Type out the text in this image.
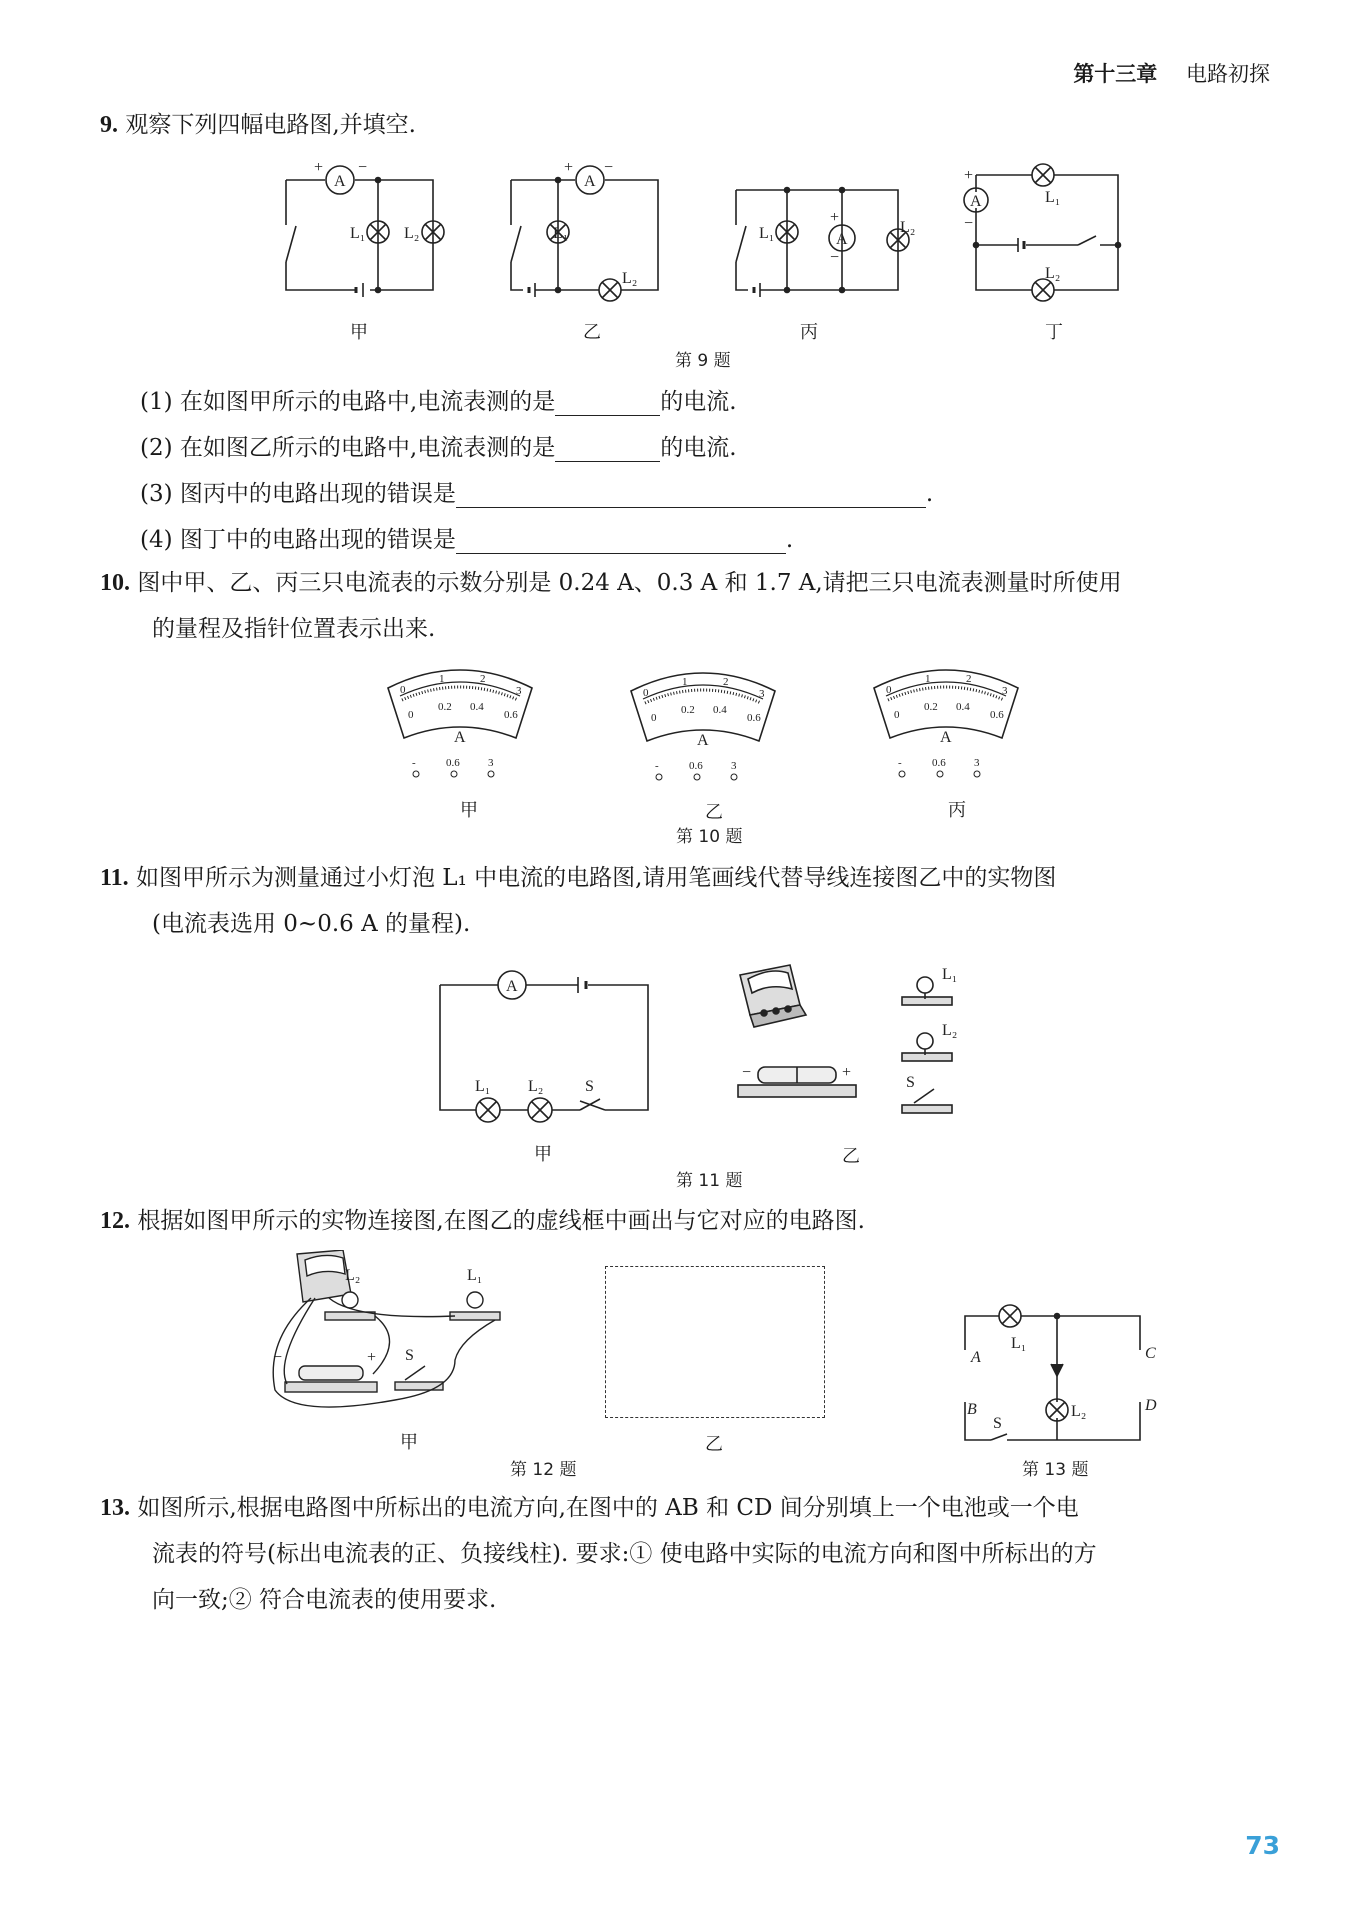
第十三章 电路初探
9. 观察下列四幅电路图,并填空.
A
+ −
L₁ L₂
A
+ −
L₁
L₂
A
+
−
L₁	L₂
A
+
−
L₁
L₂
甲	乙	丙	丁
第 9 题
(1) 在如图甲所示的电路中,电流表测的是	的电流.
(2) 在如图乙所示的电路中,电流表测的是	的电流.
(3) 图丙中的电路出现的错误是	.
(4) 图丁中的电路出现的错误是	.
10. 图中甲、乙、丙三只电流表的示数分别是 0.24 A、0.3 A 和 1.7 A,请把三只电流表测量时所使用
的量程及指针位置表示出来.
0
1	2
3
0
0.2 0.4
0.6
A
-	0.6	3
0
1	2
3
0
0.2 0.4
0.6
A
-	0.6	3
0
1	2
3
0
0.2 0.4
0.6
A
-	0.6	3
甲	乙	丙
第 10 题
11. 如图甲所示为测量通过小灯泡 L₁ 中电流的电路图,请用笔画线代替导线连接图乙中的实物图
(电流表选用 0~0.6 A 的量程).
A
L₁ L₂	S
−	+
L₁
L₂
S
甲	乙
第 11 题
12. 根据如图甲所示的实物连接图,在图乙的虚线框中画出与它对应的电路图.
−	+
L₂	L₁
S
甲	乙
第 12 题
L₁
L₂
S
A
B
C
D
第 13 题
13. 如图所示,根据电路图中所标出的电流方向,在图中的 AB 和 CD 间分别填上一个电池或一个电
流表的符号(标出电流表的正、负接线柱). 要求:① 使电路中实际的电流方向和图中所标出的方
向一致;② 符合电流表的使用要求.
73
